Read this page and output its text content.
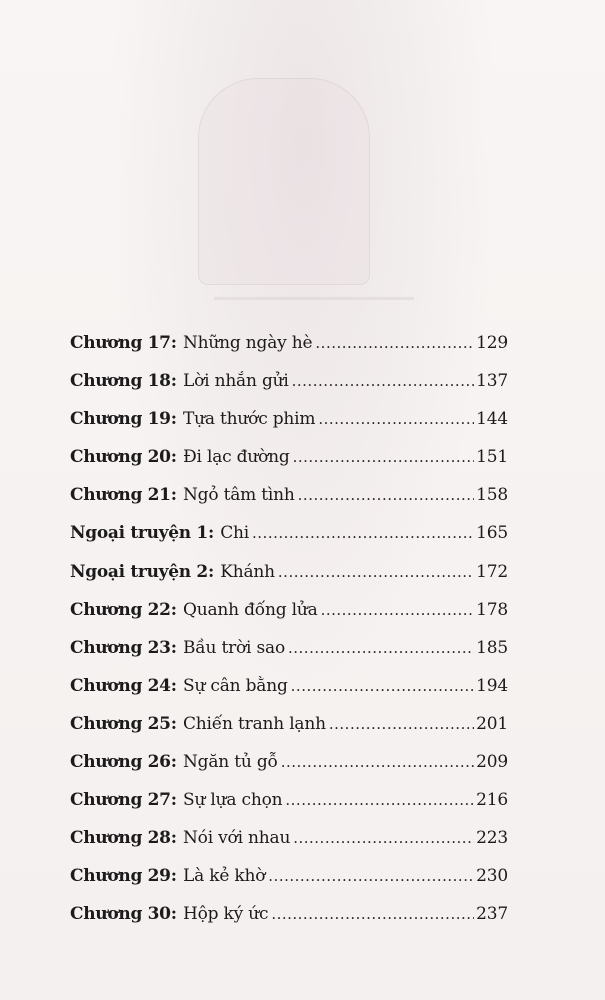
Chương 17 : Những ngày hè .....	129
Chương 18 : Lời nhắn gửi .....	137
Chương 19 : Tựa thước phim .....	144
Chương 20 : Đi lạc đường .....	151
Chương 21 : Ngỏ tâm tình .....	158
Ngoại truyện 1 : Chi .....	165
Ngoại truyện 2 : Khánh .....	172
Chương 22 : Quanh đống lửa .....	178
Chương 23 : Bầu trời sao .....	185
Chương 24 : Sự cân bằng .....	194
Chương 25 : Chiến tranh lạnh .....	201
Chương 26 : Ngăn tủ gỗ .....	209
Chương 27 : Sự lựa chọn .....	216
Chương 28 : Nói với nhau .....	223
Chương 29 : Là kẻ khờ .....	230
Chương 30 : Hộp ký ức .....	237
